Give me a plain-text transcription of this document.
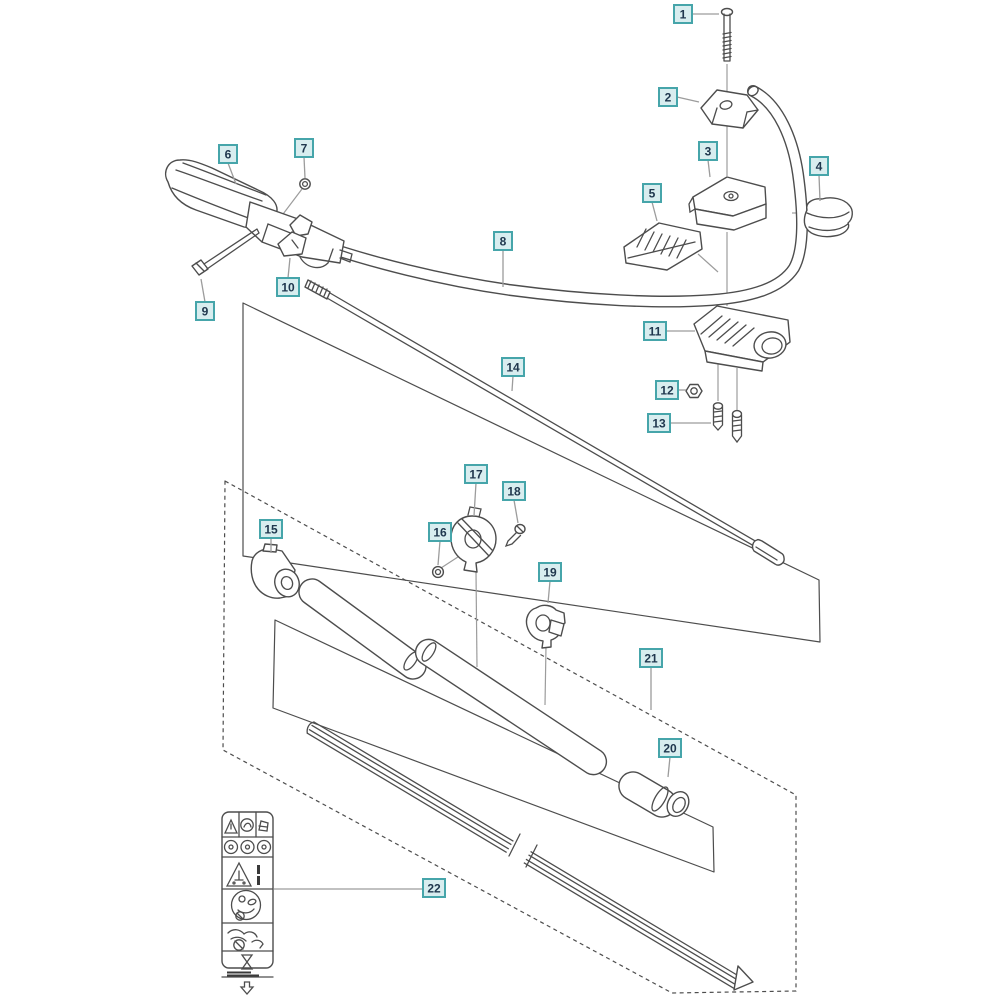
1
2
3
4
5
6	7
8
9
10
11
12
13
14
15	16
17
18
19
20
21
22
